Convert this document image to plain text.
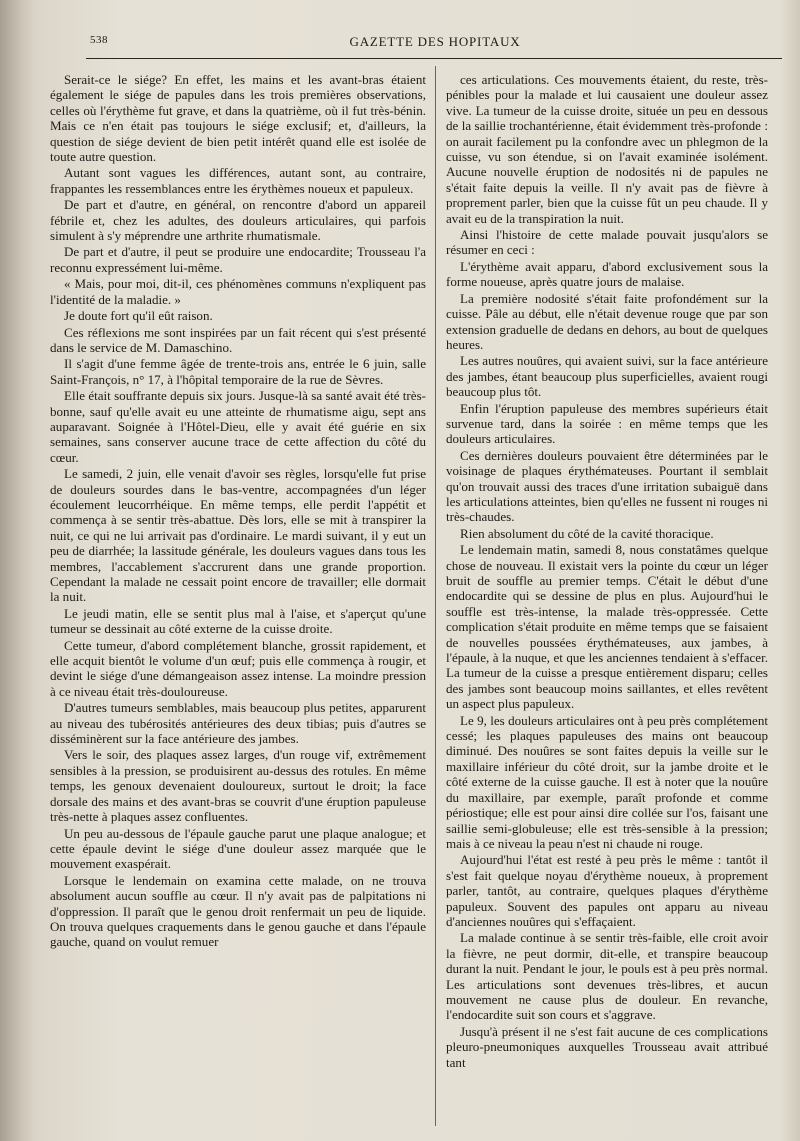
538	GAZETTE DES HOPITAUX

Serait-ce le siége? En effet, les mains et les avant-bras étaient également le siége de papules dans les trois premières observations, celles où l'érythème fut grave, et dans la quatrième, où il fut très-bénin. Mais ce n'en était pas toujours le siége exclusif; et, d'ailleurs, la question de siége devient de bien petit intérêt quand elle est isolée de toute autre question.

Autant sont vagues les différences, autant sont, au contraire, frappantes les ressemblances entre les érythèmes noueux et papuleux.

De part et d'autre, en général, on rencontre d'abord un appareil fébrile et, chez les adultes, des douleurs articulaires, qui parfois simulent à s'y méprendre une arthrite rhumatismale.

De part et d'autre, il peut se produire une endocardite; Trousseau l'a reconnu expressément lui-même.

« Mais, pour moi, dit-il, ces phénomènes communs n'expliquent pas l'identité de la maladie. »

Je doute fort qu'il eût raison.

Ces réflexions me sont inspirées par un fait récent qui s'est présenté dans le service de M. Damaschino.

Il s'agit d'une femme âgée de trente-trois ans, entrée le 6 juin, salle Saint-François, n° 17, à l'hôpital temporaire de la rue de Sèvres.

Elle était souffrante depuis six jours. Jusque-là sa santé avait été très-bonne, sauf qu'elle avait eu une atteinte de rhumatisme aigu, sept ans auparavant. Soignée à l'Hôtel-Dieu, elle y avait été guérie en six semaines, sans conserver aucune trace de cette affection du côté du cœur.

Le samedi, 2 juin, elle venait d'avoir ses règles, lorsqu'elle fut prise de douleurs sourdes dans le bas-ventre, accompagnées d'un léger écoulement leucorrhéique. En même temps, elle perdit l'appétit et commença à se sentir très-abattue. Dès lors, elle se mit à transpirer la nuit, ce qui ne lui arrivait pas d'ordinaire. Le mardi suivant, il y eut un peu de diarrhée; la lassitude générale, les douleurs vagues dans tous les membres, l'accablement s'accrurent dans une grande proportion. Cependant la malade ne cessait point encore de travailler; elle dormait la nuit.

Le jeudi matin, elle se sentit plus mal à l'aise, et s'aperçut qu'une tumeur se dessinait au côté externe de la cuisse droite.

Cette tumeur, d'abord complétement blanche, grossit rapidement, et elle acquit bientôt le volume d'un œuf; puis elle commença à rougir, et devint le siége d'une démangeaison assez intense. La moindre pression à ce niveau était très-douloureuse.

D'autres tumeurs semblables, mais beaucoup plus petites, apparurent au niveau des tubérosités antérieures des deux tibias; puis d'autres se disséminèrent sur la face antérieure des jambes.

Vers le soir, des plaques assez larges, d'un rouge vif, extrêmement sensibles à la pression, se produisirent au-dessus des rotules. En même temps, les genoux devenaient douloureux, surtout le droit; la face dorsale des mains et des avant-bras se couvrit d'une éruption papuleuse très-nette à plaques assez confluentes.

Un peu au-dessous de l'épaule gauche parut une plaque analogue; et cette épaule devint le siége d'une douleur assez marquée que le mouvement exaspérait.

Lorsque le lendemain on examina cette malade, on ne trouva absolument aucun souffle au cœur. Il n'y avait pas de palpitations ni d'oppression. Il paraît que le genou droit renfermait un peu de liquide. On trouva quelques craquements dans le genou gauche et dans l'épaule gauche, quand on voulut remuer

ces articulations. Ces mouvements étaient, du reste, très-pénibles pour la malade et lui causaient une douleur assez vive. La tumeur de la cuisse droite, située un peu en dessous de la saillie trochantérienne, était évidemment très-profonde : on aurait facilement pu la confondre avec un phlegmon de la cuisse, vu son étendue, si on l'avait examinée isolément. Aucune nouvelle éruption de nodosités ni de papules ne s'était faite depuis la veille. Il n'y avait pas de fièvre à proprement parler, bien que la cuisse fût un peu chaude. Il y avait eu de la transpiration la nuit.

Ainsi l'histoire de cette malade pouvait jusqu'alors se résumer en ceci :

L'érythème avait apparu, d'abord exclusivement sous la forme noueuse, après quatre jours de malaise.

La première nodosité s'était faite profondément sur la cuisse. Pâle au début, elle n'était devenue rouge que par son extension graduelle de dedans en dehors, au bout de quelques heures.

Les autres nouûres, qui avaient suivi, sur la face antérieure des jambes, étant beaucoup plus superficielles, avaient rougi beaucoup plus tôt.

Enfin l'éruption papuleuse des membres supérieurs était survenue tard, dans la soirée : en même temps que les douleurs articulaires.

Ces dernières douleurs pouvaient être déterminées par le voisinage de plaques érythémateuses. Pourtant il semblait qu'on trouvait aussi des traces d'une irritation subaiguë dans les articulations atteintes, bien qu'elles ne fussent ni rouges ni très-chaudes.

Rien absolument du côté de la cavité thoracique.

Le lendemain matin, samedi 8, nous constatâmes quelque chose de nouveau. Il existait vers la pointe du cœur un léger bruit de souffle au premier temps. C'était le début d'une endocardite qui se dessine de plus en plus. Aujourd'hui le souffle est très-intense, la malade très-oppressée. Cette complication s'était produite en même temps que se faisaient de nouvelles poussées érythémateuses, aux jambes, à l'épaule, à la nuque, et que les anciennes tendaient à s'effacer. La tumeur de la cuisse a presque entièrement disparu; celles des jambes sont beaucoup moins saillantes, et elles revêtent un aspect plus papuleux.

Le 9, les douleurs articulaires ont à peu près complétement cessé; les plaques papuleuses des mains ont beaucoup diminué. Des nouûres se sont faites depuis la veille sur le maxillaire inférieur du côté droit, sur la jambe droite et le côté externe de la cuisse gauche. Il est à noter que la nouûre du maxillaire, par exemple, paraît profonde et comme périostique; elle est pour ainsi dire collée sur l'os, faisant une saillie semi-globuleuse; elle est très-sensible à la pression; mais à ce niveau la peau n'est ni chaude ni rouge.

Aujourd'hui l'état est resté à peu près le même : tantôt il s'est fait quelque noyau d'érythème noueux, à proprement parler, tantôt, au contraire, quelques plaques d'érythème papuleux. Souvent des papules ont apparu au niveau d'anciennes nouûres qui s'effaçaient.

La malade continue à se sentir très-faible, elle croit avoir la fièvre, ne peut dormir, dit-elle, et transpire beaucoup durant la nuit. Pendant le jour, le pouls est à peu près normal. Les articulations sont devenues très-libres, et aucun mouvement ne cause plus de douleur. En revanche, l'endocardite suit son cours et s'aggrave.

Jusqu'à présent il ne s'est fait aucune de ces complications pleuro-pneumoniques auxquelles Trousseau avait attribué tant
